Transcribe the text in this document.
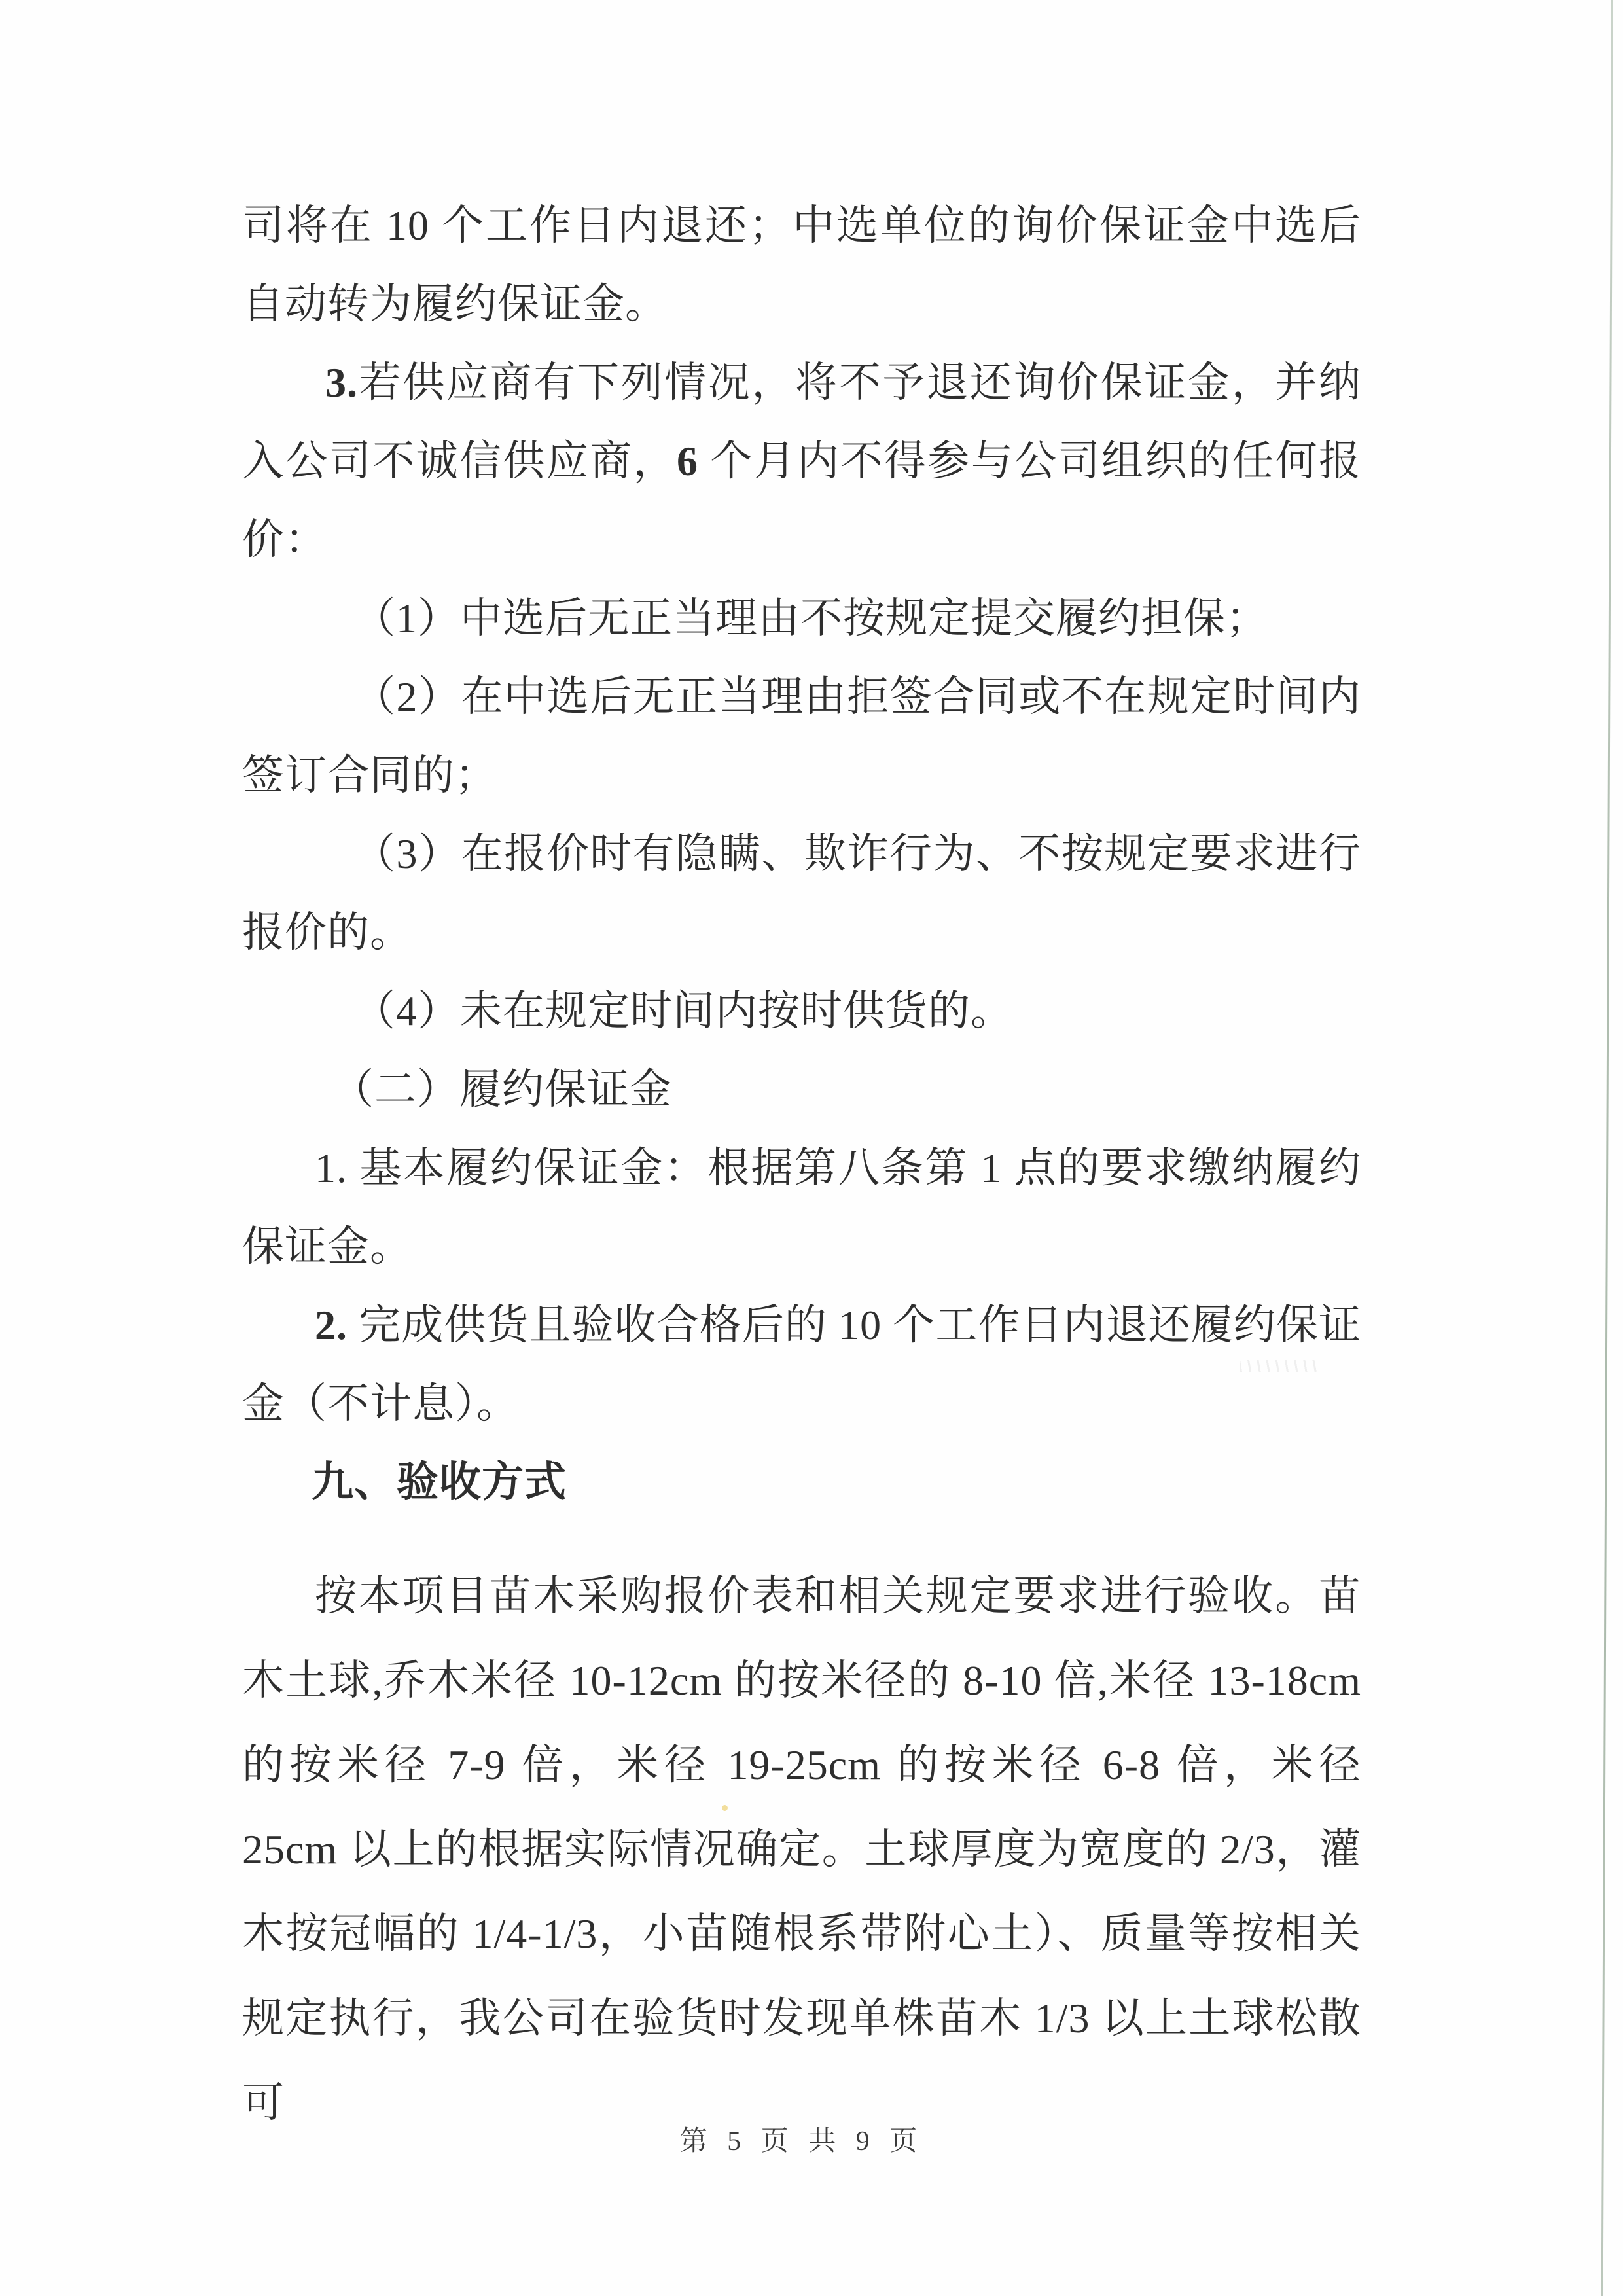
司将在 10 个工作日内退还；中选单位的询价保证金中选后自动转为履约保证金。

3.若供应商有下列情况，将不予退还询价保证金，并纳入公司不诚信供应商，6 个月内不得参与公司组织的任何报价：

（1）中选后无正当理由不按规定提交履约担保；

（2）在中选后无正当理由拒签合同或不在规定时间内签订合同的；

（3）在报价时有隐瞒、欺诈行为、不按规定要求进行报价的。

（4）未在规定时间内按时供货的。

（二）履约保证金

1. 基本履约保证金：根据第八条第 1 点的要求缴纳履约保证金。

2. 完成供货且验收合格后的 10 个工作日内退还履约保证金（不计息）。

九、验收方式

按本项目苗木采购报价表和相关规定要求进行验收。苗木土球,乔木米径 10-12cm 的按米径的 8-10 倍,米径 13-18cm 的按米径 7-9 倍，米径 19-25cm 的按米径 6-8 倍，米径 25cm 以上的根据实际情况确定。土球厚度为宽度的 2/3，灌木按冠幅的 1/4-1/3，小苗随根系带附心土）、质量等按相关规定执行，我公司在验货时发现单株苗木 1/3 以上土球松散可

第 5 页 共 9 页
